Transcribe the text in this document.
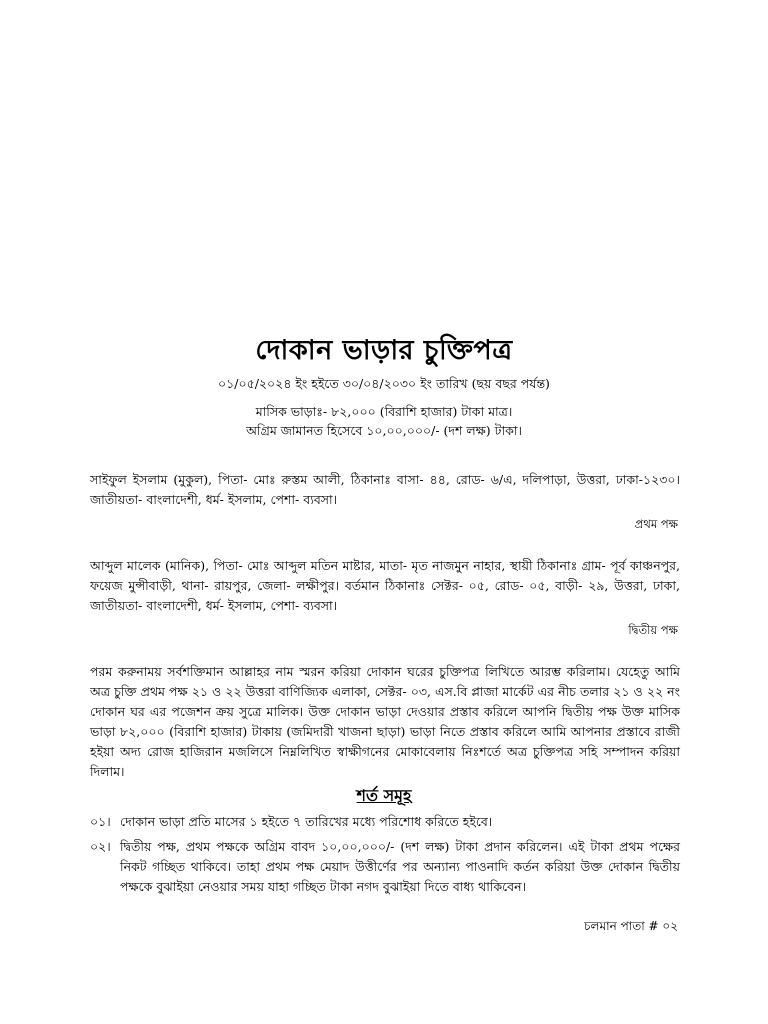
দোকান ভাড়ার চুক্তিপত্র
০১/০৫/২০২৪ ইং হইতে ৩০/০৪/২০৩০ ইং তারিখ (ছয় বছর পর্যন্ত)
মাসিক ভাড়াঃ- ৮২,০০০ (বিরাশি হাজার) টাকা মাত্র।
অগ্রিম জামানত হিসেবে ১০,০০,০০০/- (দশ লক্ষ) টাকা।
সাইফুল ইসলাম (মুকুল), পিতা- মোঃ রুস্তম আলী, ঠিকানাঃ বাসা- ৪৪, রোড- ৬/এ, দলিপাড়া, উত্তরা, ঢাকা-১২৩০। জাতীয়তা- বাংলাদেশী, ধর্ম- ইসলাম, পেশা- ব্যবসা।
প্রথম পক্ষ
আব্দুল মালেক (মানিক), পিতা- মোঃ আব্দুল মতিন মাষ্টার, মাতা- মৃত নাজমুন নাহার, স্থায়ী ঠিকানাঃ গ্রাম- পূর্ব কাঞ্চনপুর, ফয়েজ মুন্সীবাড়ী, থানা- রায়পুর, জেলা- লক্ষীপুর। বর্তমান ঠিকানাঃ সেক্টর- ০৫, রোড- ০৫, বাড়ী- ২৯, উত্তরা, ঢাকা, জাতীয়তা- বাংলাদেশী, ধর্ম- ইসলাম, পেশা- ব্যবসা।
দ্বিতীয় পক্ষ
পরম করুনাময় সর্বশক্তিমান আল্লাহর নাম স্মরন করিয়া দোকান ঘরের চুক্তিপত্র লিখিতে আরম্ভ করিলাম। যেহেতু আমি অত্র চুক্তি প্রথম পক্ষ ২১ ও ২২ উত্তরা বাণিজ্যিক এলাকা, সেক্টর- ০৩, এস.বি প্লাজা মার্কেট এর নীচ তলার ২১ ও ২২ নং দোকান ঘর এর পজেশন ক্রয় সুত্রে মালিক। উক্ত দোকান ভাড়া দেওয়ার প্রস্তাব করিলে আপনি দ্বিতীয় পক্ষ উক্ত মাসিক ভাড়া ৮২,০০০ (বিরাশি হাজার) টাকায় (জমিদারী খাজনা ছাড়া) ভাড়া নিতে প্রস্তাব করিলে আমি আপনার প্রস্তাবে রাজী হইয়া অদ্য রোজ হাজিরান মজলিসে নিম্নলিখিত স্বাক্ষীগনের মোকাবেলায় নিঃশর্তে অত্র চুক্তিপত্র সহি সম্পাদন করিয়া দিলাম।
শর্ত সমূহ
০১। দোকান ভাড়া প্রতি মাসের ১ হইতে ৭ তারিখের মধ্যে পরিশোধ করিতে হইবে।
০২। দ্বিতীয় পক্ষ, প্রথম পক্ষকে অগ্রিম বাবদ ১০,০০,০০০/- (দশ লক্ষ) টাকা প্রদান করিলেন। এই টাকা প্রথম পক্ষের নিকট গচ্ছিত থাকিবে। তাহা প্রথম পক্ষ মেয়াদ উত্তীর্ণের পর অন্যান্য পাওনাদি কর্তন করিয়া উক্ত দোকান দ্বিতীয় পক্ষকে বুঝাইয়া নেওয়ার সময় যাহা গচ্ছিত টাকা নগদ বুঝাইয়া দিতে বাধ্য থাকিবেন।
চলমান পাতা # ০২
